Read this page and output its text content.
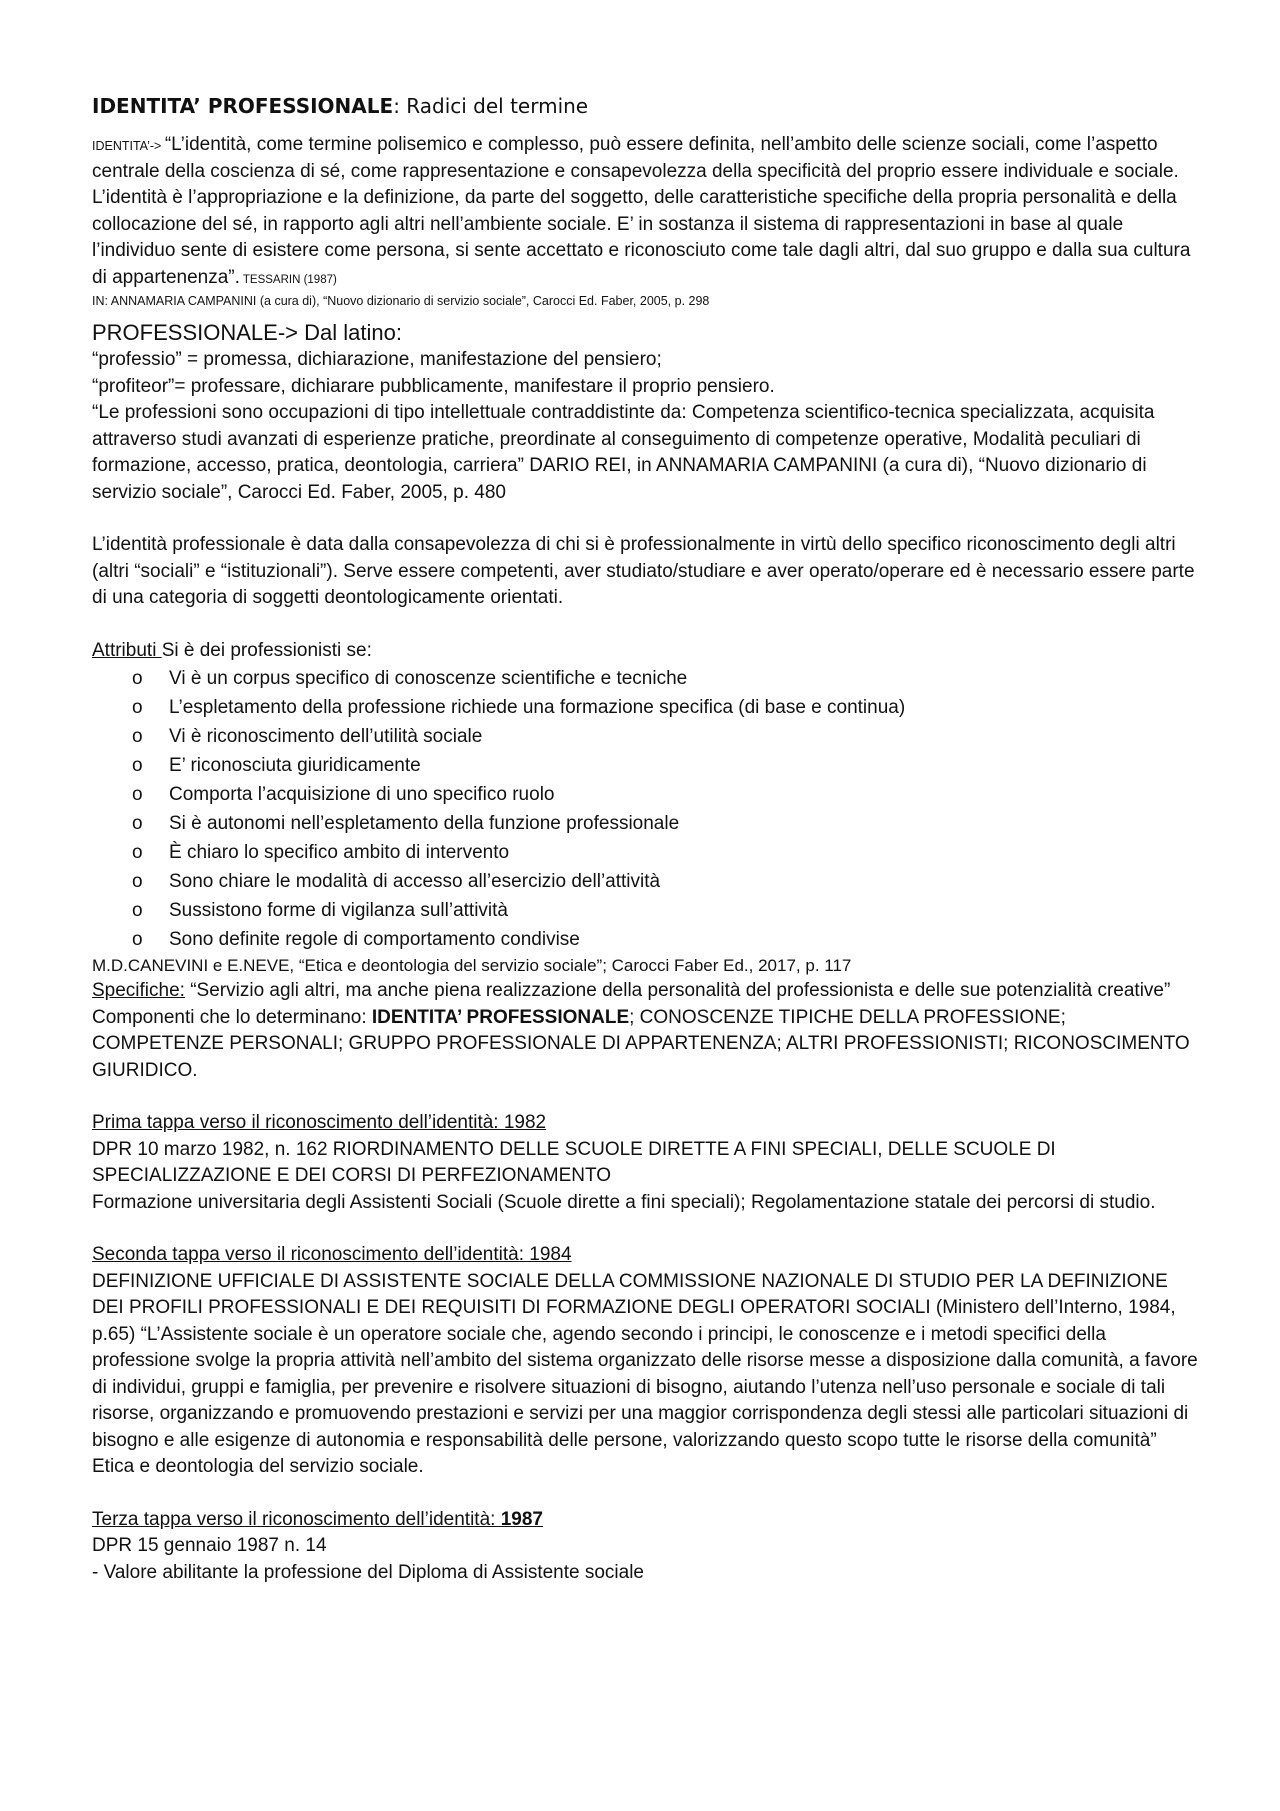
IDENTITA’ PROFESSIONALE: Radici del termine

IDENTITA’-> “L’identità, come termine polisemico e complesso, può essere definita, nell’ambito delle scienze sociali, come l’aspetto centrale della coscienza di sé, come rappresentazione e consapevolezza della specificità del proprio essere individuale e sociale. L’identità è l’appropriazione e la definizione, da parte del soggetto, delle caratteristiche specifiche della propria personalità e della collocazione del sé, in rapporto agli altri nell’ambiente sociale. E’ in sostanza il sistema di rappresentazioni in base al quale l’individuo sente di esistere come persona, si sente accettato e riconosciuto come tale dagli altri, dal suo gruppo e dalla sua cultura di appartenenza”. TESSARIN (1987)

IN: ANNAMARIA CAMPANINI (a cura di), “Nuovo dizionario di servizio sociale”, Carocci Ed. Faber, 2005, p. 298

PROFESSIONALE-> Dal latino:

“professio” = promessa, dichiarazione, manifestazione del pensiero;

“profiteor”= professare, dichiarare pubblicamente, manifestare il proprio pensiero.

“Le professioni sono occupazioni di tipo intellettuale contraddistinte da: Competenza scientifico-tecnica specializzata, acquisita attraverso studi avanzati di esperienze pratiche, preordinate al conseguimento di competenze operative, Modalità peculiari di formazione, accesso, pratica, deontologia, carriera” DARIO REI, in ANNAMARIA CAMPANINI (a cura di), “Nuovo dizionario di servizio sociale”, Carocci Ed. Faber, 2005, p. 480

L’identità professionale è data dalla consapevolezza di chi si è professionalmente in virtù dello specifico riconoscimento degli altri (altri “sociali” e “istituzionali”). Serve essere competenti, aver studiato/studiare e aver operato/operare ed è necessario essere parte di una categoria di soggetti deontologicamente orientati.

Attributi Si è dei professionisti se:

o Vi è un corpus specifico di conoscenze scientifiche e tecniche
o L’espletamento della professione richiede una formazione specifica (di base e continua)
o Vi è riconoscimento dell’utilità sociale
o E’ riconosciuta giuridicamente
o Comporta l’acquisizione di uno specifico ruolo
o Si è autonomi nell’espletamento della funzione professionale
o È chiaro lo specifico ambito di intervento
o Sono chiare le modalità di accesso all’esercizio dell’attività
o Sussistono forme di vigilanza sull’attività
o Sono definite regole di comportamento condivise

M.D.CANEVINI e E.NEVE, “Etica e deontologia del servizio sociale”; Carocci Faber Ed., 2017, p. 117

Specifiche: “Servizio agli altri, ma anche piena realizzazione della personalità del professionista e delle sue potenzialità creative”

Componenti che lo determinano: IDENTITA’ PROFESSIONALE; CONOSCENZE TIPICHE DELLA PROFESSIONE; COMPETENZE PERSONALI; GRUPPO PROFESSIONALE DI APPARTENENZA; ALTRI PROFESSIONISTI; RICONOSCIMENTO GIURIDICO.

Prima tappa verso il riconoscimento dell’identità: 1982

DPR 10 marzo 1982, n. 162 RIORDINAMENTO DELLE SCUOLE DIRETTE A FINI SPECIALI, DELLE SCUOLE DI SPECIALIZZAZIONE E DEI CORSI DI PERFEZIONAMENTO

Formazione universitaria degli Assistenti Sociali (Scuole dirette a fini speciali); Regolamentazione statale dei percorsi di studio.

Seconda tappa verso il riconoscimento dell’identità: 1984

DEFINIZIONE UFFICIALE DI ASSISTENTE SOCIALE DELLA COMMISSIONE NAZIONALE DI STUDIO PER LA DEFINIZIONE DEI PROFILI PROFESSIONALI E DEI REQUISITI DI FORMAZIONE DEGLI OPERATORI SOCIALI (Ministero dell’Interno, 1984, p.65) “L’Assistente sociale è un operatore sociale che, agendo secondo i principi, le conoscenze e i metodi specifici della professione svolge la propria attività nell’ambito del sistema organizzato delle risorse messe a disposizione dalla comunità, a favore di individui, gruppi e famiglia, per prevenire e risolvere situazioni di bisogno, aiutando l’utenza nell’uso personale e sociale di tali risorse, organizzando e promuovendo prestazioni e servizi per una maggior corrispondenza degli stessi alle particolari situazioni di bisogno e alle esigenze di autonomia e responsabilità delle persone, valorizzando questo scopo tutte le risorse della comunità” Etica e deontologia del servizio sociale.

Terza tappa verso il riconoscimento dell’identità: 1987

DPR 15 gennaio 1987 n. 14

- Valore abilitante la professione del Diploma di Assistente sociale
